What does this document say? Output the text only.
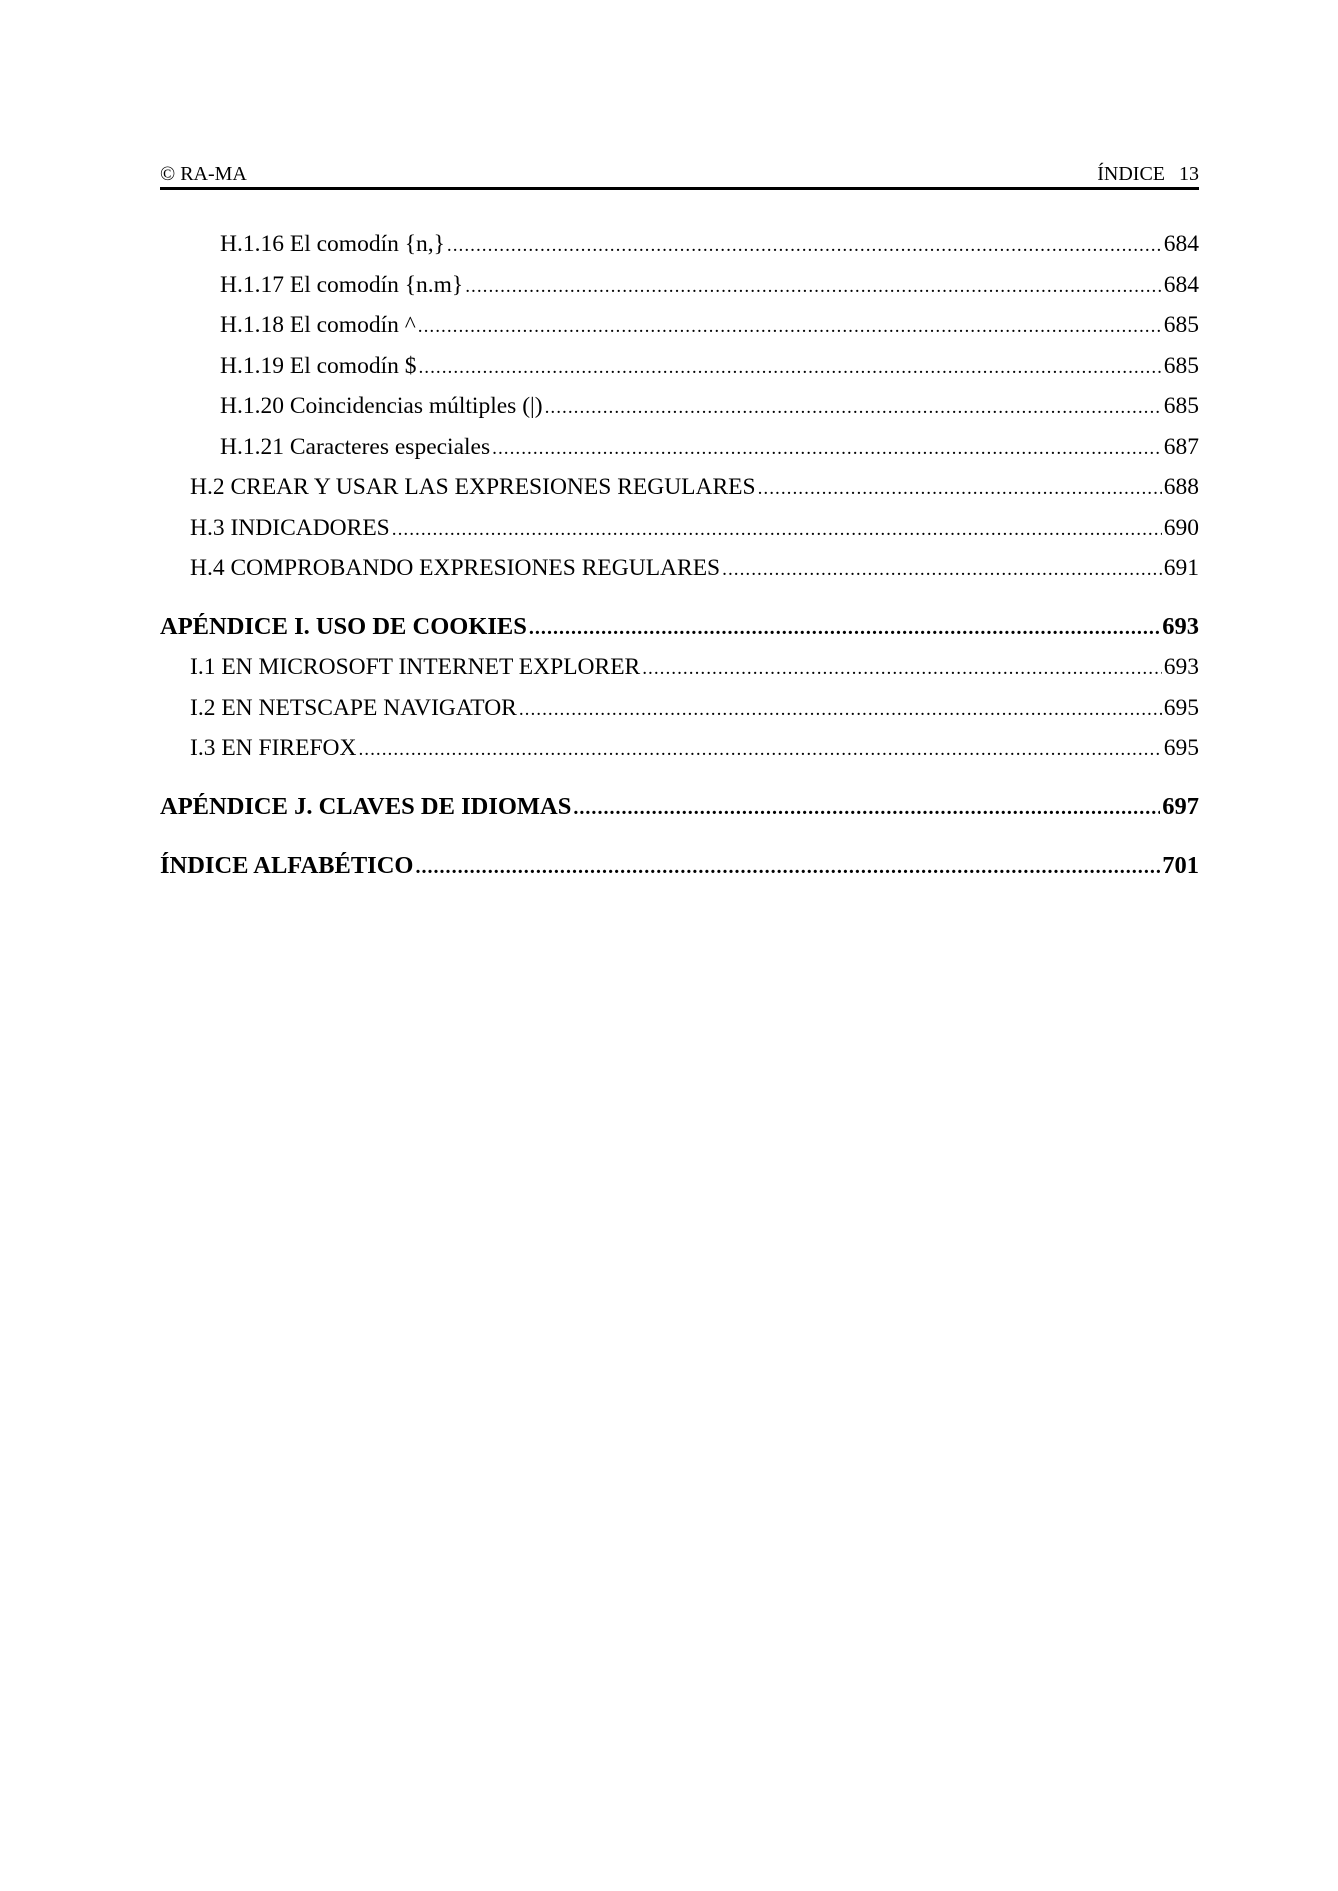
© RA-MA	ÍNDICE 13
H.1.16 El comodín {n,} .....	684
H.1.17 El comodín {n.m} .....	684
H.1.18 El comodín ^ .....	685
H.1.19 El comodín $ .....	685
H.1.20 Coincidencias múltiples (|) .....	685
H.1.21 Caracteres especiales .....	687
H.2 CREAR Y USAR LAS EXPRESIONES REGULARES .....	688
H.3 INDICADORES .....	690
H.4 COMPROBANDO EXPRESIONES REGULARES .....	691
APÉNDICE I. USO DE COOKIES .....	693
I.1 EN MICROSOFT INTERNET EXPLORER .....	693
I.2 EN NETSCAPE NAVIGATOR .....	695
I.3 EN FIREFOX .....	695
APÉNDICE J. CLAVES DE IDIOMAS .....	697
ÍNDICE ALFABÉTICO .....	701
